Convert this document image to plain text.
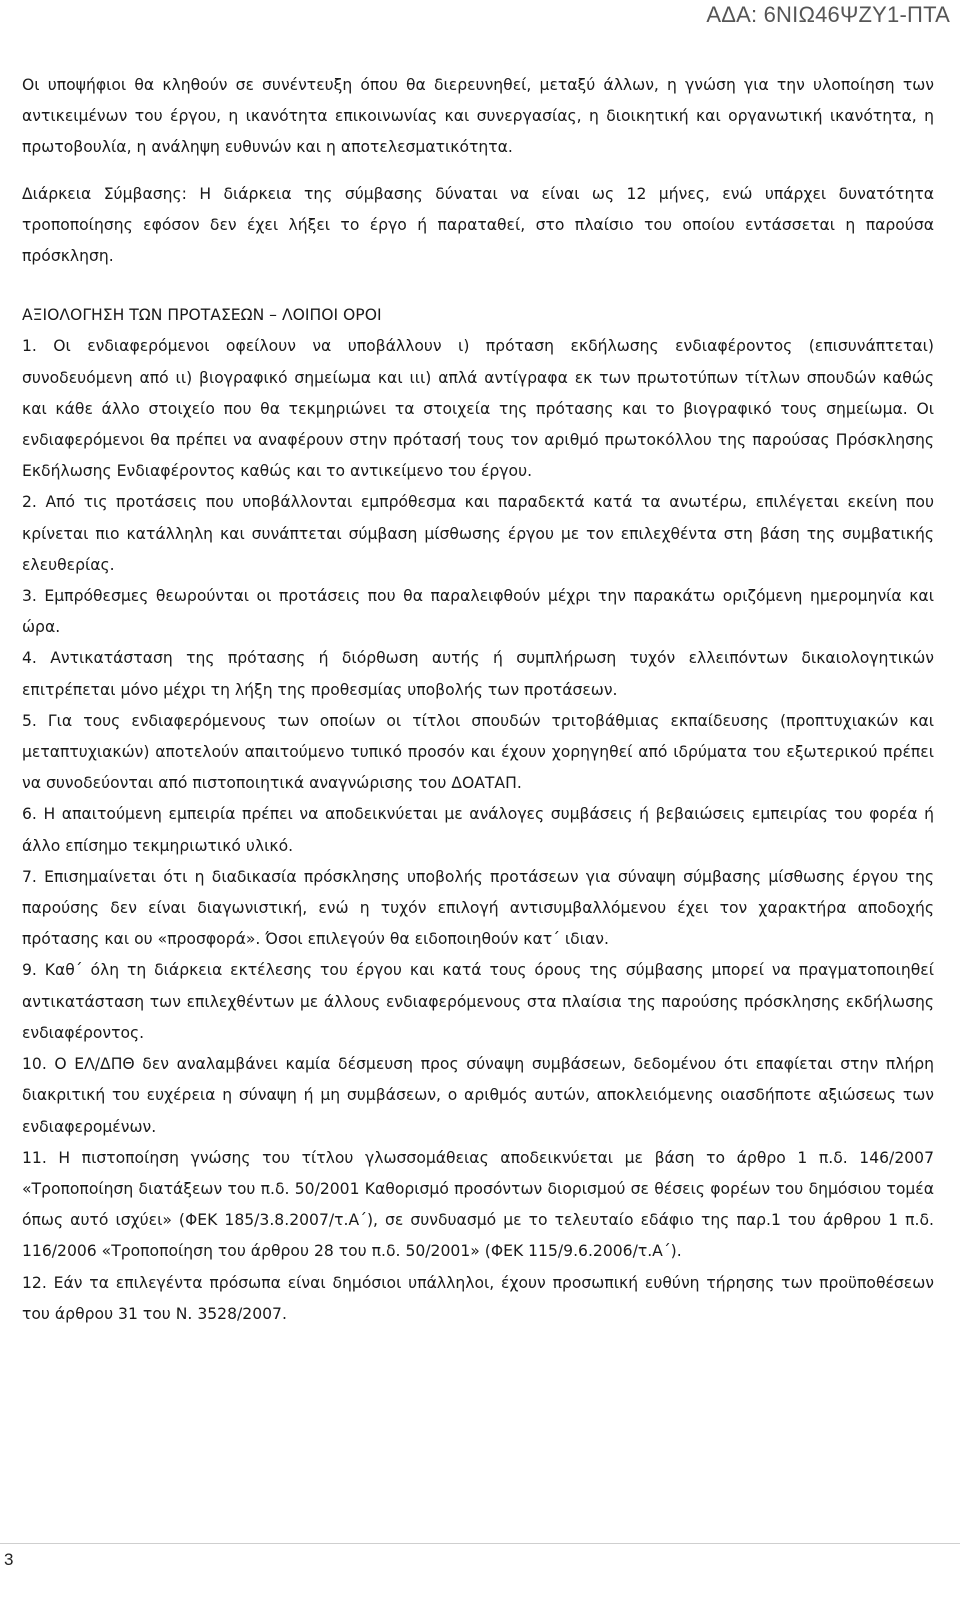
ΑΔΑ: 6ΝΙΩ46ΨΖΥ1-ΠΤΑ

Οι υποψήφιοι θα κληθούν σε συνέντευξη όπου θα διερευνηθεί, μεταξύ άλλων, η γνώση για την υλοποίηση των αντικειμένων του έργου, η ικανότητα επικοινωνίας και συνεργασίας, η διοικητική και οργανωτική ικανότητα, η πρωτοβουλία, η ανάληψη ευθυνών και η αποτελεσματικότητα.

Διάρκεια Σύμβασης: Η διάρκεια της σύμβασης δύναται να είναι ως 12 μήνες, ενώ υπάρχει δυνατότητα τροποποίησης εφόσον δεν έχει λήξει το έργο ή παραταθεί, στο πλαίσιο του οποίου εντάσσεται η παρούσα πρόσκληση.

ΑΞΙΟΛΟΓΗΣΗ ΤΩΝ ΠΡΟΤΑΣΕΩΝ – ΛΟΙΠΟΙ ΟΡΟΙ

1. Οι ενδιαφερόμενοι οφείλουν να υποβάλλουν ι) πρόταση εκδήλωσης ενδιαφέροντος (επισυνάπτεται) συνοδευόμενη από ιι) βιογραφικό σημείωμα και ιιι) απλά αντίγραφα εκ των πρωτοτύπων τίτλων σπουδών καθώς και κάθε άλλο στοιχείο που θα τεκμηριώνει τα στοιχεία της πρότασης και το βιογραφικό τους σημείωμα. Οι ενδιαφερόμενοι θα πρέπει να αναφέρουν στην πρότασή τους τον αριθμό πρωτοκόλλου της παρούσας Πρόσκλησης Εκδήλωσης Ενδιαφέροντος καθώς και το αντικείμενο του έργου.

2. Από τις προτάσεις που υποβάλλονται εμπρόθεσμα και παραδεκτά κατά τα ανωτέρω, επιλέγεται εκείνη που κρίνεται πιο κατάλληλη και συνάπτεται σύμβαση μίσθωσης έργου με τον επιλεχθέντα στη βάση της συμβατικής ελευθερίας.

3. Εμπρόθεσμες θεωρούνται οι προτάσεις που θα παραλειφθούν μέχρι την παρακάτω οριζόμενη ημερομηνία και ώρα.

4. Αντικατάσταση της πρότασης ή διόρθωση αυτής ή συμπλήρωση τυχόν ελλειπόντων δικαιολογητικών επιτρέπεται μόνο μέχρι τη λήξη της προθεσμίας υποβολής των προτάσεων.

5. Για τους ενδιαφερόμενους των οποίων οι τίτλοι σπουδών τριτοβάθμιας εκπαίδευσης (προπτυχιακών και μεταπτυχιακών) αποτελούν απαιτούμενο τυπικό προσόν και έχουν χορηγηθεί από ιδρύματα του εξωτερικού πρέπει να συνοδεύονται από πιστοποιητικά αναγνώρισης του ΔΟΑΤΑΠ.

6. Η απαιτούμενη εμπειρία πρέπει να αποδεικνύεται με ανάλογες συμβάσεις ή βεβαιώσεις εμπειρίας του φορέα ή άλλο επίσημο τεκμηριωτικό υλικό.

7. Επισημαίνεται ότι η διαδικασία πρόσκλησης υποβολής προτάσεων για σύναψη σύμβασης μίσθωσης έργου της παρούσης δεν είναι διαγωνιστική, ενώ η τυχόν επιλογή αντισυμβαλλόμενου έχει τον χαρακτήρα αποδοχής πρότασης και ου «προσφορά». Όσοι επιλεγούν θα ειδοποιηθούν κατ΄ ιδιαν.

9. Καθ΄ όλη τη διάρκεια εκτέλεσης του έργου και κατά τους όρους της σύμβασης μπορεί να πραγματοποιηθεί αντικατάσταση των επιλεχθέντων με άλλους ενδιαφερόμενους στα πλαίσια της παρούσης πρόσκλησης εκδήλωσης ενδιαφέροντος.

10. Ο ΕΛ/ΔΠΘ δεν αναλαμβάνει καμία δέσμευση προς σύναψη συμβάσεων, δεδομένου ότι επαφίεται στην πλήρη διακριτική του ευχέρεια η σύναψη ή μη συμβάσεων, ο αριθμός αυτών, αποκλειόμενης οιασδήποτε αξιώσεως των ενδιαφερομένων.

11. Η πιστοποίηση γνώσης του τίτλου γλωσσομάθειας αποδεικνύεται με βάση το άρθρο 1 π.δ. 146/2007 «Τροποποίηση διατάξεων του π.δ. 50/2001 Καθορισμό προσόντων διορισμού σε θέσεις φορέων του δημόσιου τομέα όπως αυτό ισχύει» (ΦΕΚ 185/3.8.2007/τ.Α΄), σε συνδυασμό με το τελευταίο εδάφιο της παρ.1 του άρθρου 1 π.δ. 116/2006 «Τροποποίηση του άρθρου 28 του π.δ. 50/2001» (ΦΕΚ 115/9.6.2006/τ.Α΄).

12. Εάν τα επιλεγέντα πρόσωπα είναι δημόσιοι υπάλληλοι, έχουν προσωπική ευθύνη τήρησης των προϋποθέσεων του άρθρου 31 του Ν. 3528/2007.

3
